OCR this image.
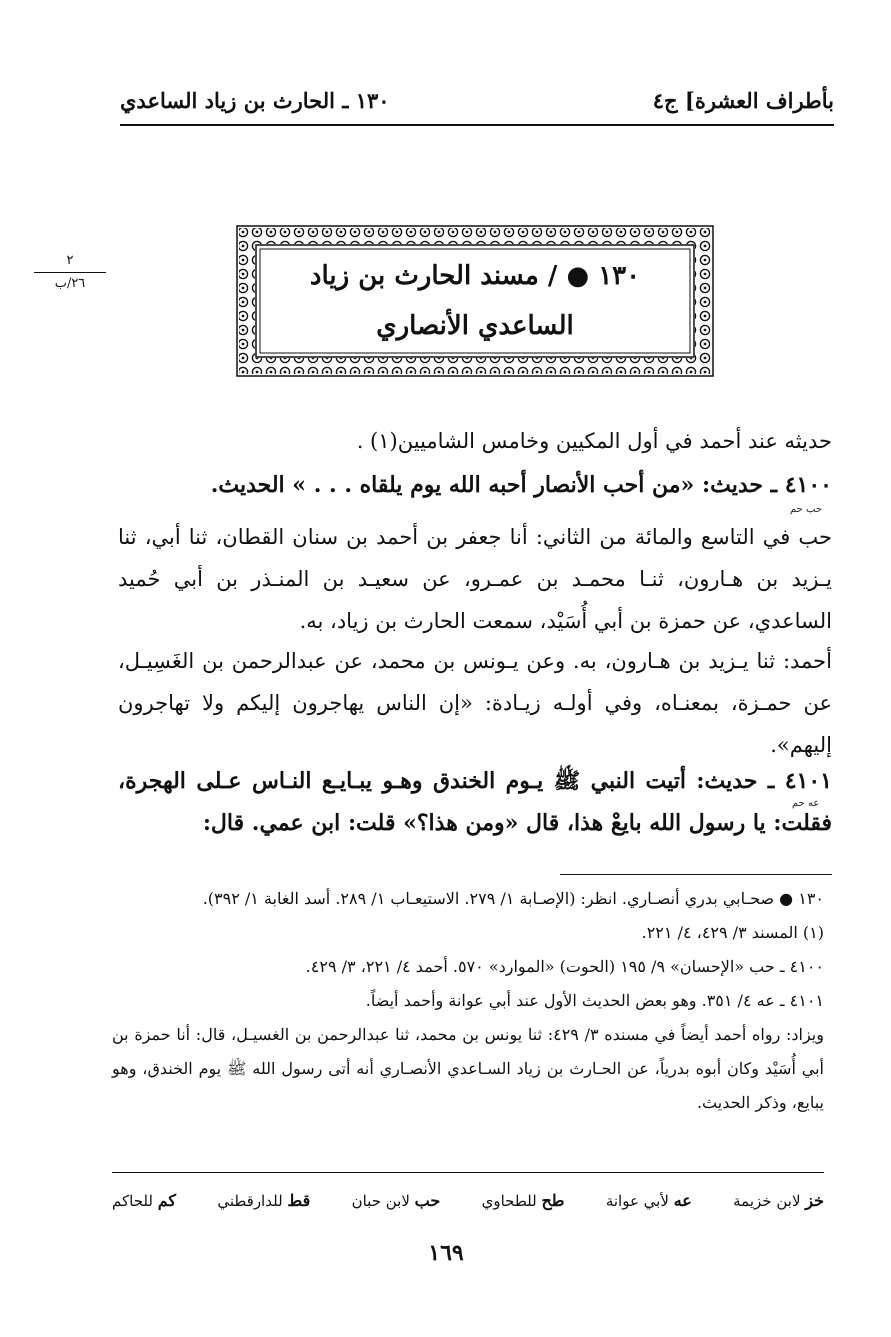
بأطراف العشرة] ج٤
١٣٠ ـ الحارث بن زياد الساعدي
٢
٢٦/ب	١٣٠ ● / مسند الحارث بن زياد
الساعدي الأنصاري

حديثه عند أحمد في أول المكيين وخامس الشاميين(١) .

٤١٠٠ ـ حديث: «من أحب الأنصار أحبه الله يوم يلقاه . . . » الحديث.

حب حم

حب في التاسع والمائة من الثاني: أنا جعفر بن أحمد بن سنان القطان، ثنا أبي، ثنا يـزيد بن هـارون، ثنـا محمـد بن عمـرو، عن سعيـد بن المنـذر بن أبي حُميد الساعدي، عن حمزة بن أبي أُسَيْد، سمعت الحارث بن زياد، به.

أحمد: ثنا يـزيد بن هـارون، به. وعن يـونس بن محمد، عن عبدالرحمن بن الغَسِيـل، عن حمـزة، بمعنـاه، وفي أولـه زيـادة: «إن الناس يهاجرون إليكم ولا تهاجرون إليهم».

٤١٠١ ـ حديث: أتيت النبي ﷺ يـوم الخندق وهـو يبـايـع النـاس عـلى الهجرة، فقلت: يا رسول الله بايعْ هذا، قال «ومن هذا؟» قلت: ابن عمي. قال:

عه حم

١٣٠ ● صحـابي بدري أنصـاري. انظر: (الإصـابة ١/ ٢٧٩. الاستيعـاب ١/ ٢٨٩. أسد الغابة ١/ ٣٩٢).

(١) المسند ٣/ ٤٢٩، ٤/ ٢٢١.

٤١٠٠ ـ حب «الإحسان» ٩/ ١٩٥ (الحوت) «الموارد» ٥٧٠. أحمد ٤/ ٢٢١، ٣/ ٤٢٩.

٤١٠١ ـ عه ٤/ ٣٥١. وهو بعض الحديث الأول عند أبي عوانة وأحمد أيضاً.

ويزاد: رواه أحمد أيضاً في مسنده ٣/ ٤٢٩: ثنا يونس بن محمد، ثنا عبدالرحمن بن الغسيـل، قال: أنا حمزة بن أبي أُسَيْد وكان أبوه بدرياً، عن الحـارث بن زياد السـاعدي الأنصـاري أنه أتى رسول الله ﷺ يوم الخندق، وهو يبايع، وذكر الحديث.

خز لابن خزيمة
عه لأبي عوانة
طح للطحاوي
حب لابن حبان
قط للدارقطني
كم للحاكم
١٦٩
